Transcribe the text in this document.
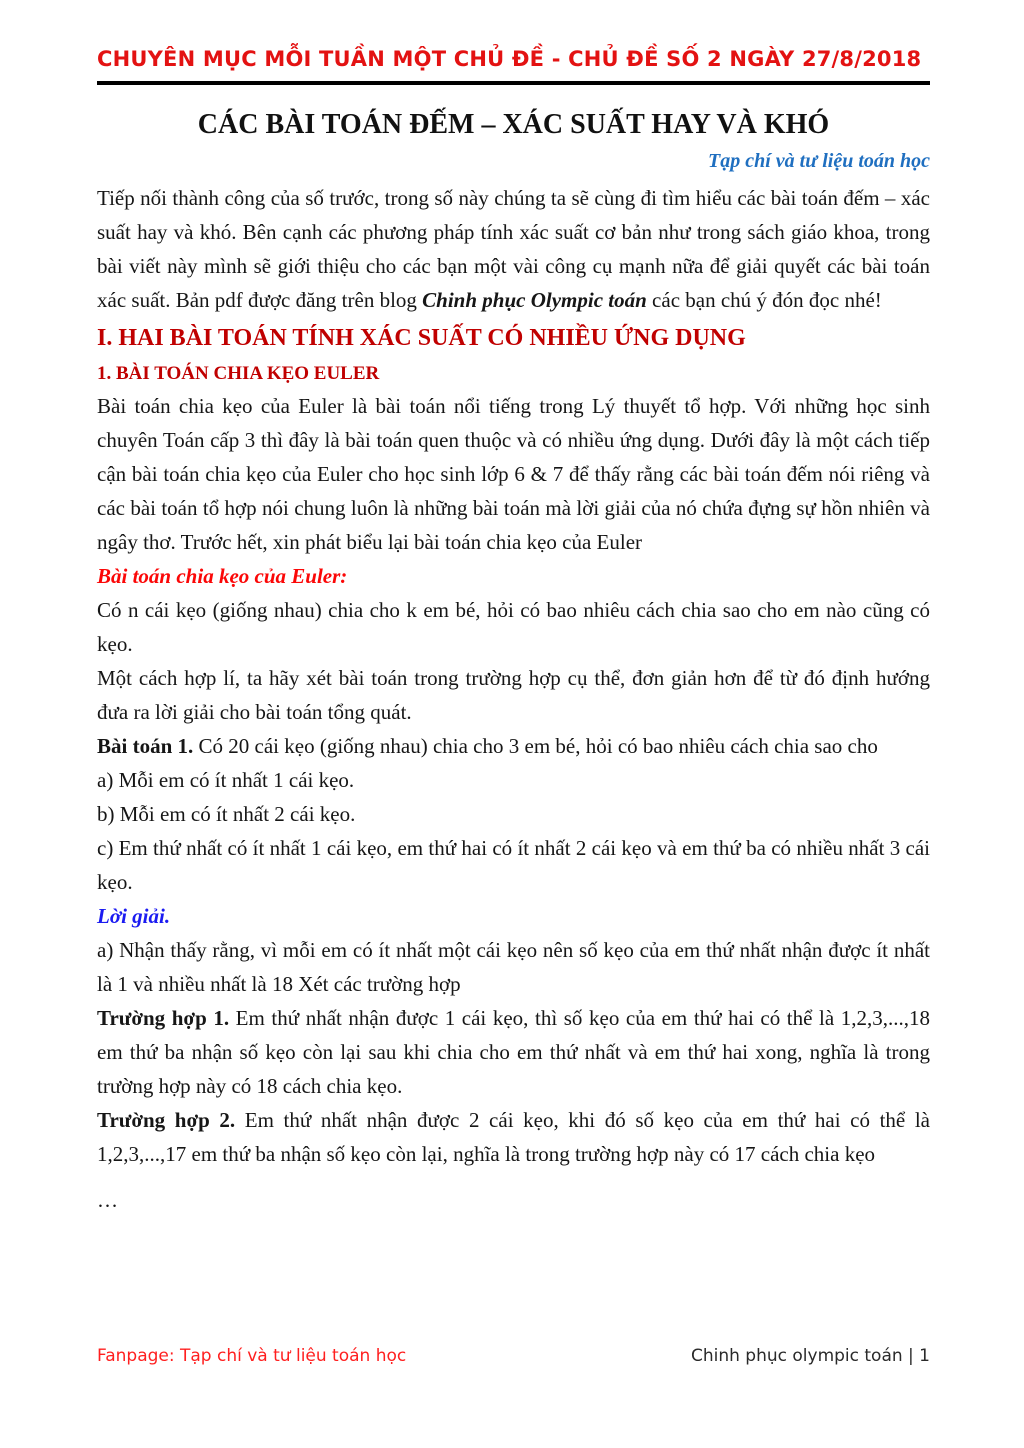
CHUYÊN MỤC MỖI TUẦN MỘT CHỦ ĐỀ - CHỦ ĐỀ SỐ 2 NGÀY 27/8/2018
CÁC BÀI TOÁN ĐẾM – XÁC SUẤT HAY VÀ KHÓ
Tạp chí và tư liệu toán học

Tiếp nối thành công của số trước, trong số này chúng ta sẽ cùng đi tìm hiểu các bài toán đếm – xác suất hay và khó. Bên cạnh các phương pháp tính xác suất cơ bản như trong sách giáo khoa, trong bài viết này mình sẽ giới thiệu cho các bạn một vài công cụ mạnh nữa để giải quyết các bài toán xác suất. Bản pdf được đăng trên blog Chinh phục Olympic toán các bạn chú ý đón đọc nhé!

I. HAI BÀI TOÁN TÍNH XÁC SUẤT CÓ NHIỀU ỨNG DỤNG
1. BÀI TOÁN CHIA KẸO EULER

Bài toán chia kẹo của Euler là bài toán nổi tiếng trong Lý thuyết tổ hợp. Với những học sinh chuyên Toán cấp 3 thì đây là bài toán quen thuộc và có nhiều ứng dụng. Dưới đây là một cách tiếp cận bài toán chia kẹo của Euler cho học sinh lớp 6 & 7 để thấy rằng các bài toán đếm nói riêng và các bài toán tổ hợp nói chung luôn là những bài toán mà lời giải của nó chứa đựng sự hồn nhiên và ngây thơ. Trước hết, xin phát biểu lại bài toán chia kẹo của Euler

Bài toán chia kẹo của Euler:

Có n cái kẹo (giống nhau) chia cho k em bé, hỏi có bao nhiêu cách chia sao cho em nào cũng có kẹo.

Một cách hợp lí, ta hãy xét bài toán trong trường hợp cụ thể, đơn giản hơn để từ đó định hướng đưa ra lời giải cho bài toán tổng quát.

Bài toán 1. Có 20 cái kẹo (giống nhau) chia cho 3 em bé, hỏi có bao nhiêu cách chia sao cho

a) Mỗi em có ít nhất 1 cái kẹo.

b) Mỗi em có ít nhất 2 cái kẹo.

c) Em thứ nhất có ít nhất 1 cái kẹo, em thứ hai có ít nhất 2 cái kẹo và em thứ ba có nhiều nhất 3 cái kẹo.

Lời giải.

a) Nhận thấy rằng, vì mỗi em có ít nhất một cái kẹo nên số kẹo của em thứ nhất nhận được ít nhất là 1 và nhiều nhất là 18 Xét các trường hợp

Trường hợp 1. Em thứ nhất nhận được 1 cái kẹo, thì số kẹo của em thứ hai có thể là 1,2,3,...,18 em thứ ba nhận số kẹo còn lại sau khi chia cho em thứ nhất và em thứ hai xong, nghĩa là trong trường hợp này có 18 cách chia kẹo.

Trường hợp 2. Em thứ nhất nhận được 2 cái kẹo, khi đó số kẹo của em thứ hai có thể là 1,2,3,...,17 em thứ ba nhận số kẹo còn lại, nghĩa là trong trường hợp này có 17 cách chia kẹo

…

Fanpage: Tạp chí và tư liệu toán học	Chinh phục olympic toán | 1
